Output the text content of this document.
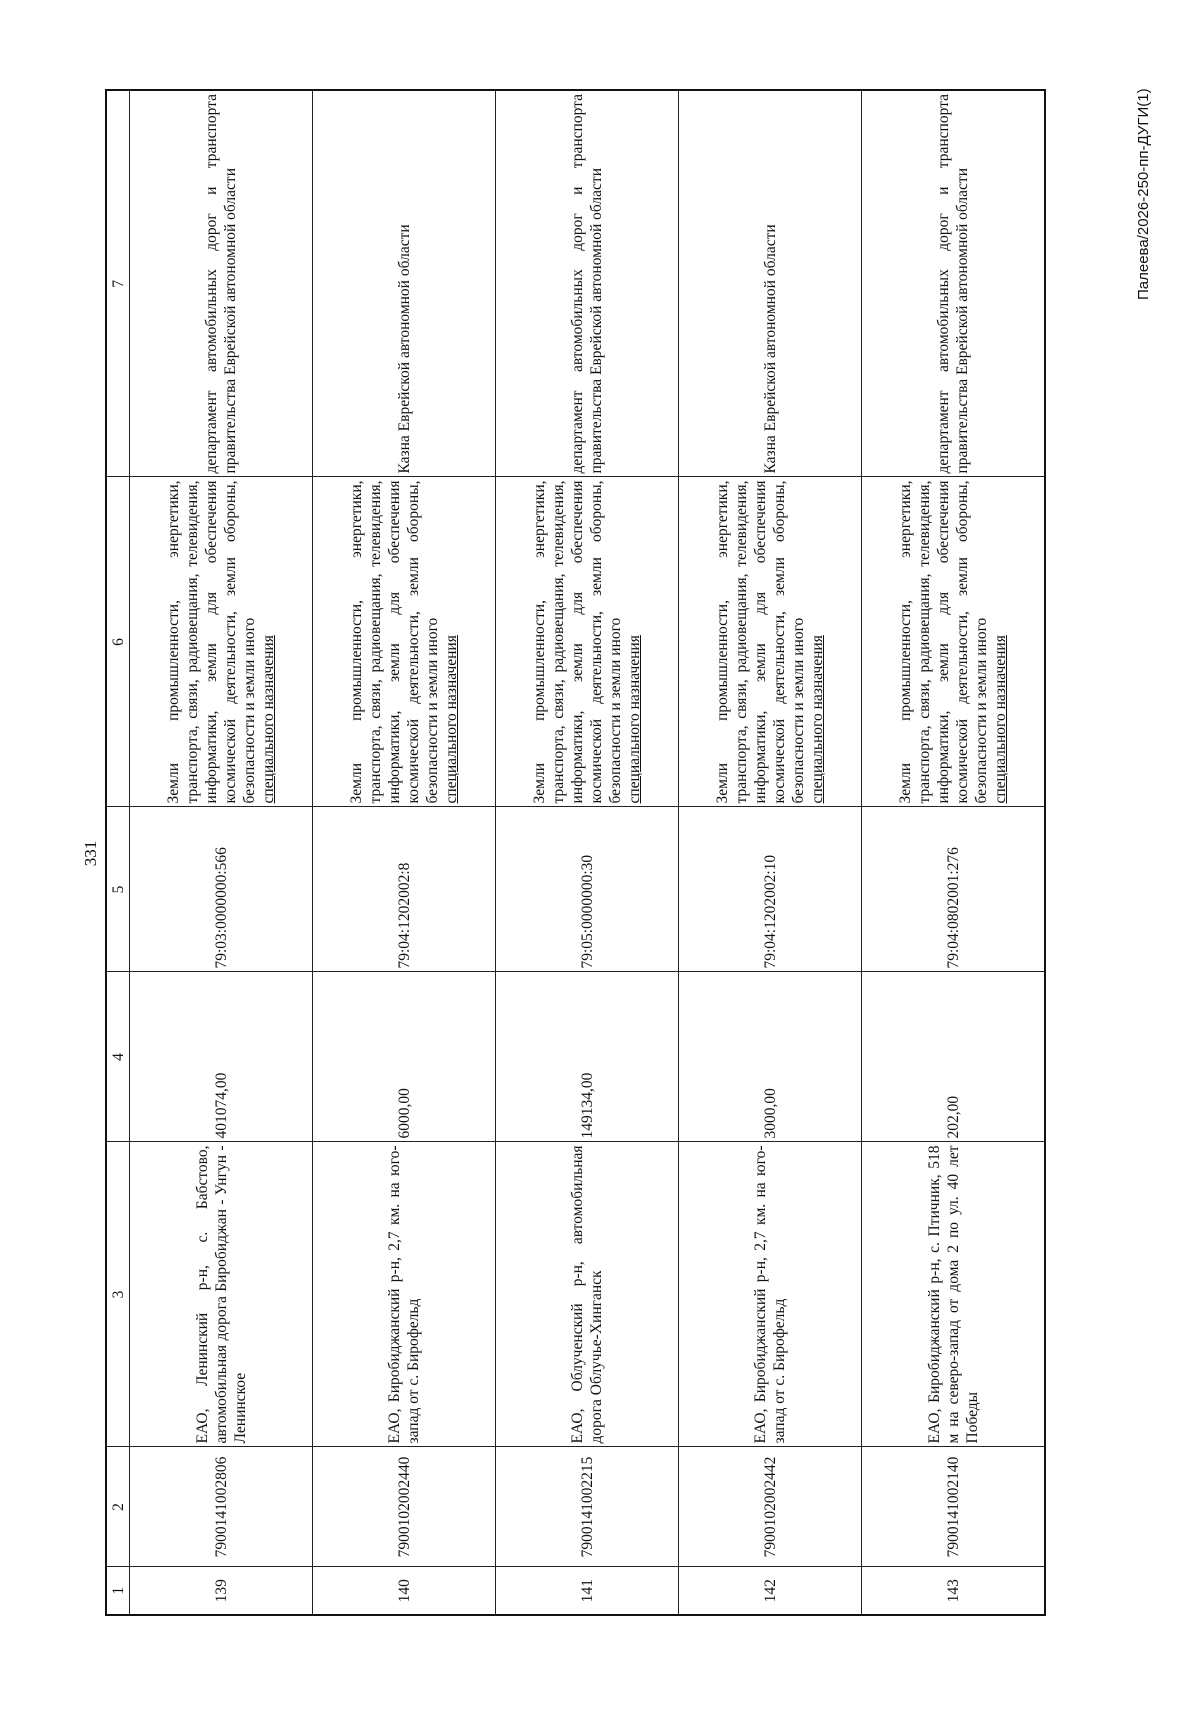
331
1	2	3	4	5	6	7
139	7900141002806	ЕАО, Ленинский р-н, с. Бабстово, автомобильная дорога Биробиджан - Унгун - Ленинское	401074,00	79:03:0000000:566	Земли промышленности, энергетики, транспорта, связи, радиовещания, телевидения, информатики, земли для обеспечения космической деятельности, земли обороны, безопасности и земли иного специального назначения	департамент автомобильных дорог и транспорта правительства Еврейской автономной области
140	7900102002440	ЕАО, Биробиджанский р-н, 2,7 км. на юго-запад от с. Бирофельд	6000,00	79:04:1202002:8	Земли промышленности, энергетики, транспорта, связи, радиовещания, телевидения, информатики, земли для обеспечения космической деятельности, земли обороны, безопасности и земли иного специального назначения	Казна Еврейской автономной области
141	7900141002215	ЕАО, Облученский р-н, автомобильная дорога Облучье-Хинганск	149134,00	79:05:0000000:30	Земли промышленности, энергетики, транспорта, связи, радиовещания, телевидения, информатики, земли для обеспечения космической деятельности, земли обороны, безопасности и земли иного специального назначения	департамент автомобильных дорог и транспорта правительства Еврейской автономной области
142	7900102002442	ЕАО, Биробиджанский р-н, 2,7 км. на юго-запад от с. Бирофельд	3000,00	79:04:1202002:10	Земли промышленности, энергетики, транспорта, связи, радиовещания, телевидения, информатики, земли для обеспечения космической деятельности, земли обороны, безопасности и земли иного специального назначения	Казна Еврейской автономной области
143	7900141002140	ЕАО, Биробиджанский р-н, с. Птичник, 518 м на северо-запад от дома 2 по ул. 40 лет Победы	202,00	79:04:0802001:276	Земли промышленности, энергетики, транспорта, связи, радиовещания, телевидения, информатики, земли для обеспечения космической деятельности, земли обороны, безопасности и земли иного специального назначения	департамент автомобильных дорог и транспорта правительства Еврейской автономной области	Палеева/2026-250-пп-ДУГИ(1)
